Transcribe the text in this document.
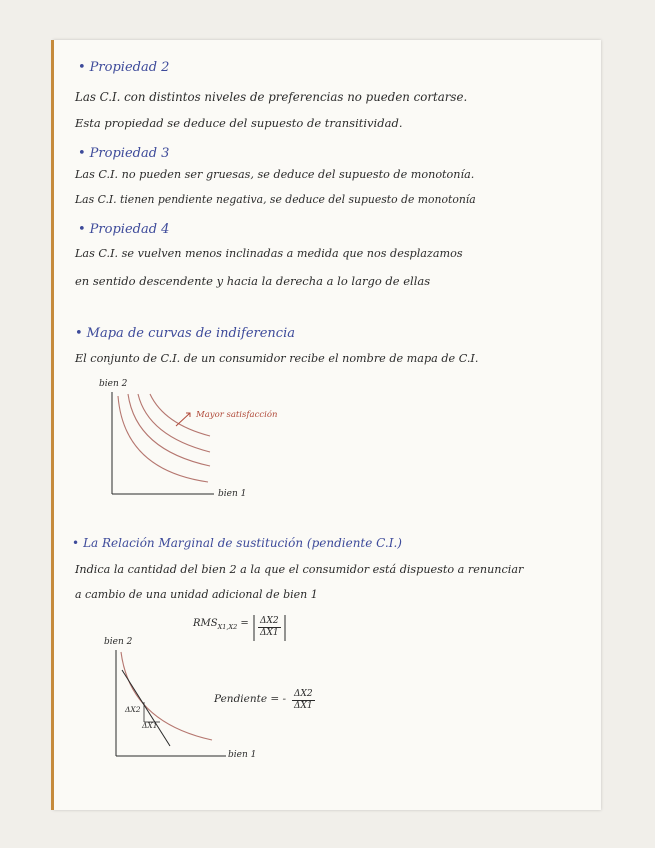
• Propiedad 2
Las C.I. con distintos niveles de preferencias no pueden cortarse.
Esta propiedad se deduce del supuesto de transitividad.
• Propiedad 3
Las C.I. no pueden ser gruesas, se deduce del supuesto de monotonía.
Las C.I. tienen pendiente negativa, se deduce del supuesto de monotonía
• Propiedad 4
Las C.I. se vuelven menos inclinadas a medida que nos desplazamos
en sentido descendente y hacia la derecha a lo largo de ellas
• Mapa de curvas de indiferencia
El conjunto de C.I. de un consumidor recibe el nombre de mapa de C.I.
bien 2
Mayor satisfacción
bien 1
• La Relación Marginal de sustitución (pendiente C.I.)
Indica la cantidad del bien 2 a la que el consumidor está dispuesto a renunciar
a cambio de una unidad adicional de bien 1
$RMS_{X1,X2} = \frac{\Delta X2}{\Delta X1}$
bien 2
ΔX2
ΔX1
bien 1
Pendiente = - $\frac{\Delta X2}{\Delta X1}$
